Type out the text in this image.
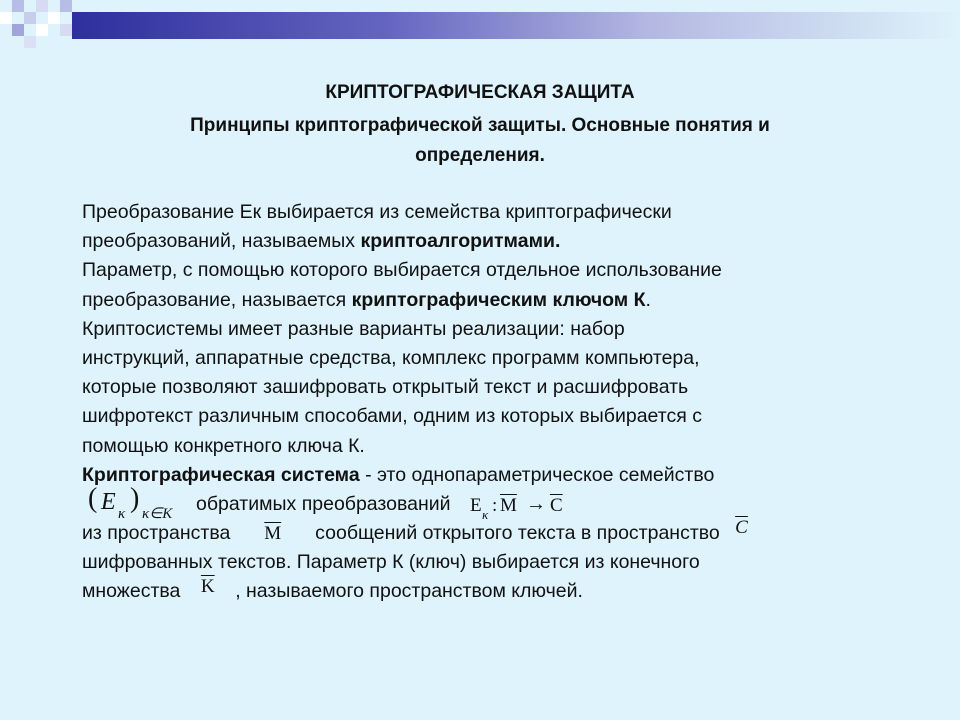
КРИПТОГРАФИЧЕСКАЯ ЗАЩИТА
Принципы криптографической защиты. Основные понятия и
определения.

Преобразование Ек выбирается из семейства криптографически

преобразований, называемых криптоалгоритмами.

Параметр, с помощью которого выбирается отдельное использование

преобразование, называется криптографическим ключом К.

Криптосистемы имеет разные варианты реализации: набор

инструкций, аппаратные средства, комплекс программ компьютера,

которые позволяют зашифровать открытый текст и расшифровать

шифротекст различным способами, одним из которых выбирается с

помощью конкретного ключа К.

Криптографическая система - это однопараметрическое семейство

( E κ ) κ∈K обратимых преобразований E κ : $\overline{M} \to \overline{C}$

из пространства $\overline{M}$ сообщений открытого текста в пространство $\overline{C}$

шифрованных текстов. Параметр К (ключ) выбирается из конечного

множества $\overline{K}$ , называемого пространством ключей.
